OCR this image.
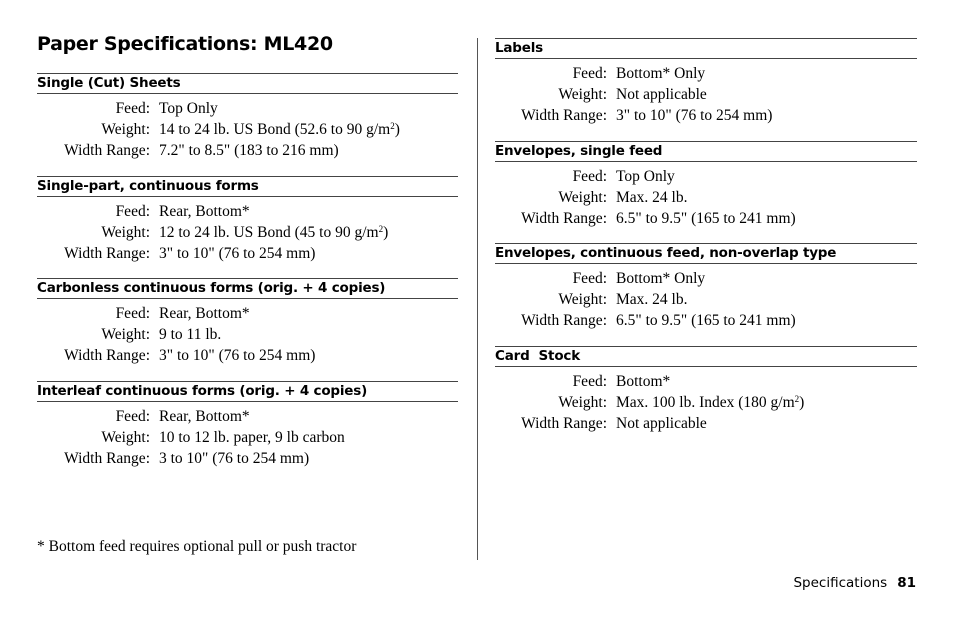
Paper Specifications: ML420
Single (Cut) Sheets
Feed: Top Only
Weight: 14 to 24 lb. US Bond (52.6 to 90 $g/m^2$)
Width Range: 7.2" to 8.5" (183 to 216 mm)
Single-part, continuous forms
Feed: Rear, Bottom*
Weight: 12 to 24 lb. US Bond (45 to 90 $g/m^2$)
Width Range: 3" to 10" (76 to 254 mm)
Carbonless continuous forms (orig. + 4 copies)
Feed: Rear, Bottom*
Weight: 9 to 11 lb.
Width Range: 3" to 10" (76 to 254 mm)
Interleaf continuous forms (orig. + 4 copies)
Feed: Rear, Bottom*
Weight: 10 to 12 lb. paper, 9 lb carbon
Width Range: 3 to 10" (76 to 254 mm)
Labels
Feed: Bottom* Only
Weight: Not applicable
Width Range: 3" to 10" (76 to 254 mm)
Envelopes, single feed
Feed: Top Only
Weight: Max. 24 lb.
Width Range: 6.5" to 9.5" (165 to 241 mm)
Envelopes, continuous feed, non-overlap type
Feed: Bottom* Only
Weight: Max. 24 lb.
Width Range: 6.5" to 9.5" (165 to 241 mm)
Card  Stock
Feed: Bottom*
Weight: Max. 100 lb. Index (180 $g/m^2$)
Width Range: Not applicable
* Bottom feed requires optional pull or push tractor
Specifications 81
